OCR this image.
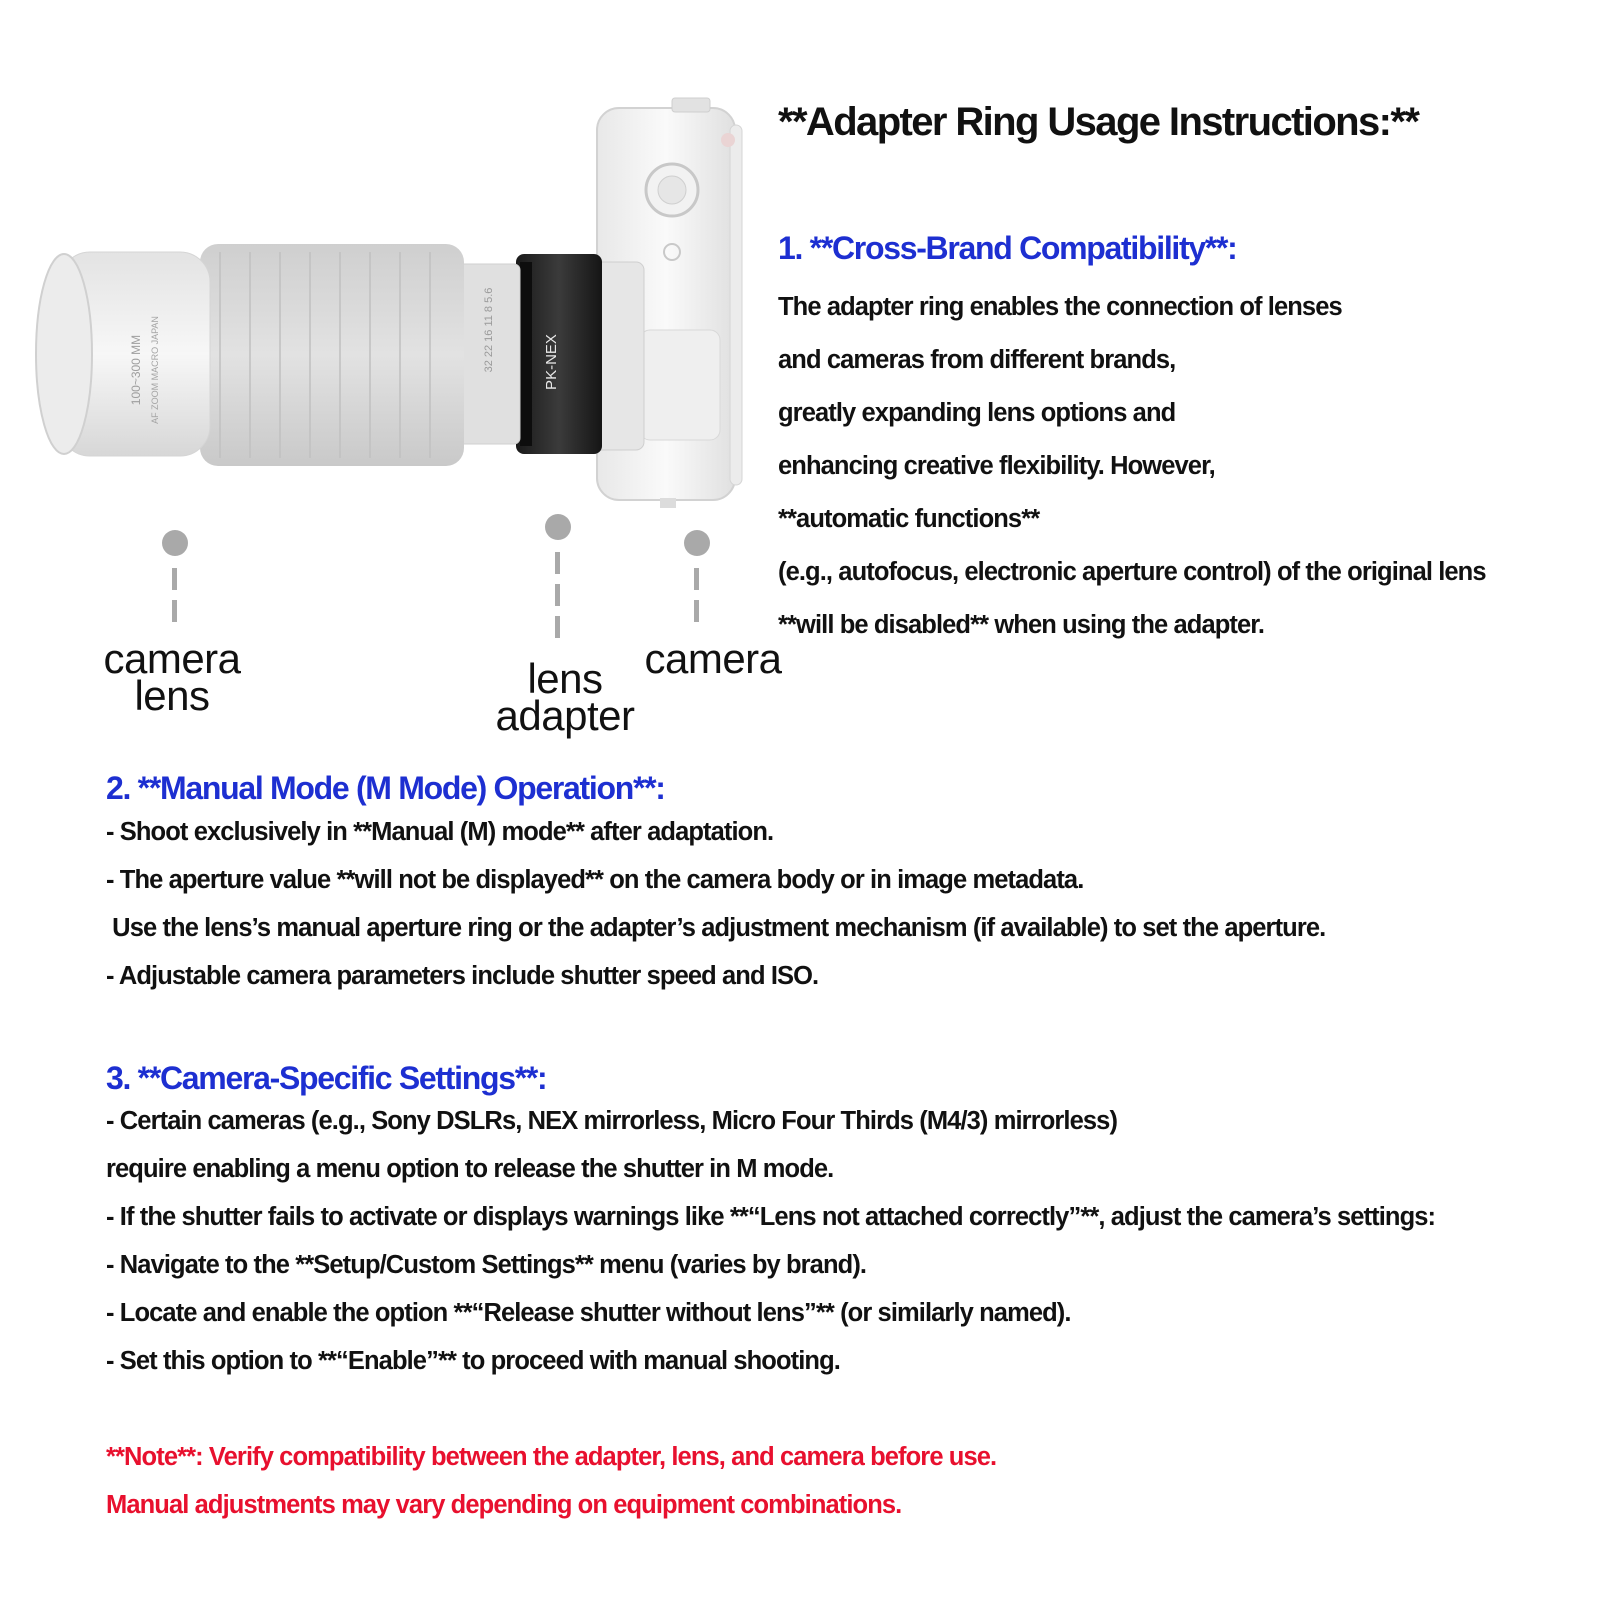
PK-NEX
32 22 16 11 8 5.6
100~300 MM AF ZOOM MACRO JAPAN
camera
lens	lens
adapter
camera
**Adapter Ring Usage Instructions:**
1. **Cross-Brand Compatibility**:
The adapter ring enables the connection of lenses
and cameras from different brands,
greatly expanding lens options and
enhancing creative flexibility. However,
**automatic functions**
(e.g., autofocus, electronic aperture control) of the original lens
**will be disabled** when using the adapter.
2. **Manual Mode (M Mode) Operation**:
- Shoot exclusively in **Manual (M) mode** after adaptation.
- The aperture value **will not be displayed** on the camera body or in image metadata.
Use the lens’s manual aperture ring or the adapter’s adjustment mechanism (if available) to set the aperture.
- Adjustable camera parameters include shutter speed and ISO.
3. **Camera-Specific Settings**:
- Certain cameras (e.g., Sony DSLRs, NEX mirrorless, Micro Four Thirds (M4/3) mirrorless)
require enabling a menu option to release the shutter in M mode.
- If the shutter fails to activate or displays warnings like **“Lens not attached correctly”**, adjust the camera’s settings:
- Navigate to the **Setup/Custom Settings** menu (varies by brand).
- Locate and enable the option **“Release shutter without lens”** (or similarly named).
- Set this option to **“Enable”** to proceed with manual shooting.
**Note**: Verify compatibility between the adapter, lens, and camera before use.
Manual adjustments may vary depending on equipment combinations.
